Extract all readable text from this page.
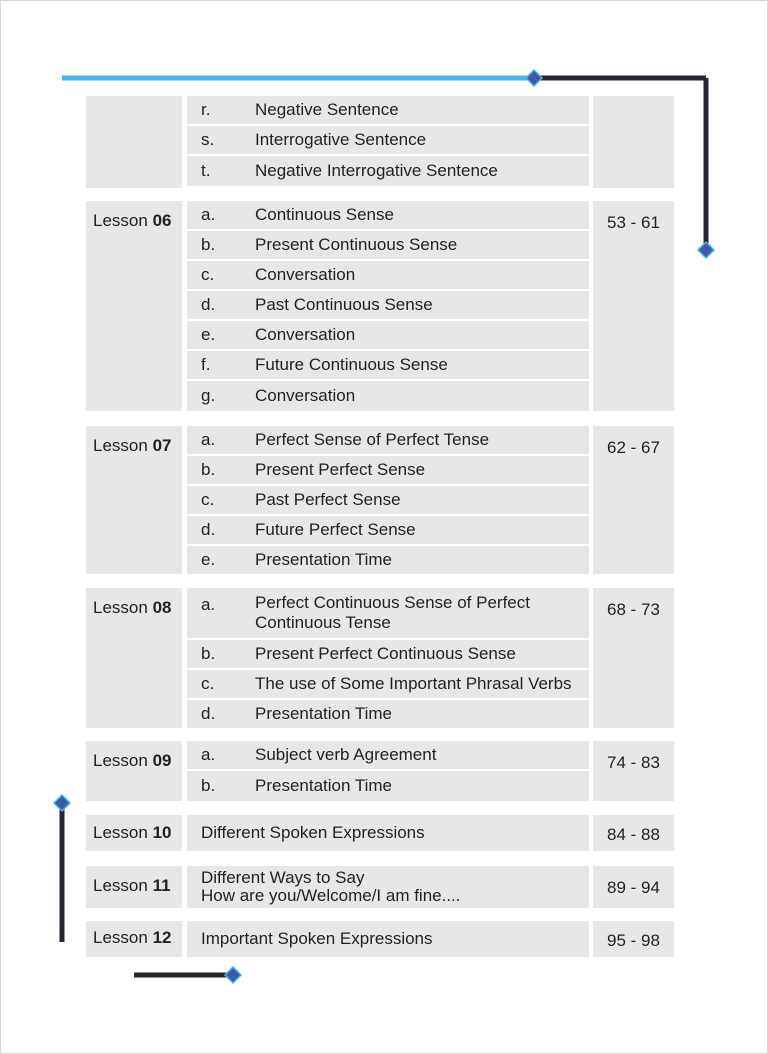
r.	Negative Sentence
s. Interrogative Sentence
t.	Negative Interrogative Sentence
Lesson 06	a. Continuous Sense
b. Present Continuous Sense
c. Conversation
d. Past Continuous Sense
e. Conversation
f.	Future Continuous Sense
g. Conversation
53 - 61
Lesson 07	a. Perfect Sense of Perfect Tense
b. Present Perfect Sense
c. Past Perfect Sense
d. Future Perfect Sense
e. Presentation Time
62 - 67
Lesson 08	a. Perfect Continuous Sense of Perfect Continuous Tense
b. Present Perfect Continuous Sense
c. The use of Some Important Phrasal Verbs
d. Presentation Time
68 - 73
Lesson 09	a. Subject verb Agreement
b. Presentation Time
74 - 83
Lesson 10	Different Spoken Expressions	84 - 88
Lesson 11	Different Ways to Say
How are you/Welcome/I am fine....	89 - 94
Lesson 12	Important Spoken Expressions	95 - 98
